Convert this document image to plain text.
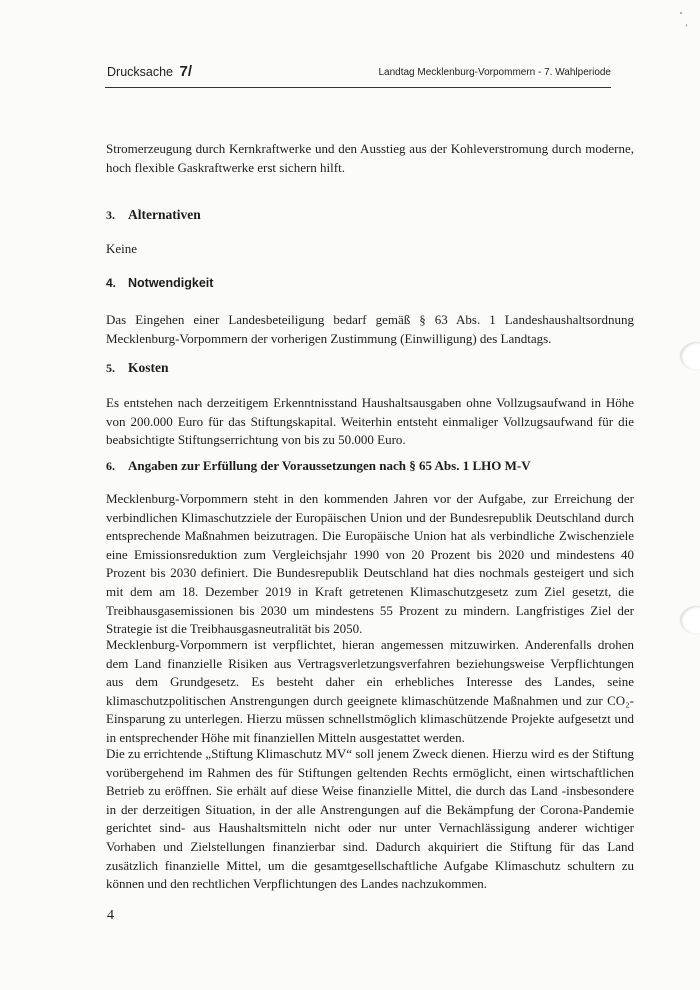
Drucksache 7/	Landtag Mecklenburg-Vorpommern - 7. Wahlperiode

Stromerzeugung durch Kernkraftwerke und den Ausstieg aus der Kohleverstromung durch moderne, hoch flexible Gaskraftwerke erst sichern hilft.

3. Alternativen

Keine

4. Notwendigkeit

Das Eingehen einer Landesbeteiligung bedarf gemäß § 63 Abs. 1 Landeshaushaltsordnung Mecklenburg-Vorpommern der vorherigen Zustimmung (Einwilligung) des Landtags.

5. Kosten

Es entstehen nach derzeitigem Erkenntnisstand Haushaltsausgaben ohne Vollzugsaufwand in Höhe von 200.000 Euro für das Stiftungskapital. Weiterhin entsteht einmaliger Vollzugsaufwand für die beabsichtigte Stiftungserrichtung von bis zu 50.000 Euro.

6. Angaben zur Erfüllung der Voraussetzungen nach § 65 Abs. 1 LHO M-V

Mecklenburg-Vorpommern steht in den kommenden Jahren vor der Aufgabe, zur Erreichung der verbindlichen Klimaschutzziele der Europäischen Union und der Bundesrepublik Deutschland durch entsprechende Maßnahmen beizutragen. Die Europäische Union hat als verbindliche Zwischenziele eine Emissionsreduktion zum Vergleichsjahr 1990 von 20 Prozent bis 2020 und mindestens 40 Prozent bis 2030 definiert. Die Bundesrepublik Deutschland hat dies nochmals gesteigert und sich mit dem am 18. Dezember 2019 in Kraft getretenen Klimaschutzgesetz zum Ziel gesetzt, die Treibhausgasemissionen bis 2030 um mindestens 55 Prozent zu mindern. Langfristiges Ziel der Strategie ist die Treibhausgasneutralität bis 2050.

Mecklenburg-Vorpommern ist verpflichtet, hieran angemessen mitzuwirken. Anderenfalls drohen dem Land finanzielle Risiken aus Vertragsverletzungsverfahren beziehungsweise Verpflichtungen aus dem Grundgesetz. Es besteht daher ein erhebliches Interesse des Landes, seine klimaschutzpolitischen Anstrengungen durch geeignete klimaschützende Maßnahmen und zur CO₂-Einsparung zu unterlegen. Hierzu müssen schnellstmöglich klimaschützende Projekte aufgesetzt und in entsprechender Höhe mit finanziellen Mitteln ausgestattet werden.

Die zu errichtende „Stiftung Klimaschutz MV“ soll jenem Zweck dienen. Hierzu wird es der Stiftung vorübergehend im Rahmen des für Stiftungen geltenden Rechts ermöglicht, einen wirtschaftlichen Betrieb zu eröffnen. Sie erhält auf diese Weise finanzielle Mittel, die durch das Land -insbesondere in der derzeitigen Situation, in der alle Anstrengungen auf die Bekämpfung der Corona-Pandemie gerichtet sind- aus Haushaltsmitteln nicht oder nur unter Vernachlässigung anderer wichtiger Vorhaben und Zielstellungen finanzierbar sind. Dadurch akquiriert die Stiftung für das Land zusätzlich finanzielle Mittel, um die gesamtgesellschaftliche Aufgabe Klimaschutz schultern zu können und den rechtlichen Verpflichtungen des Landes nachzukommen.

4
